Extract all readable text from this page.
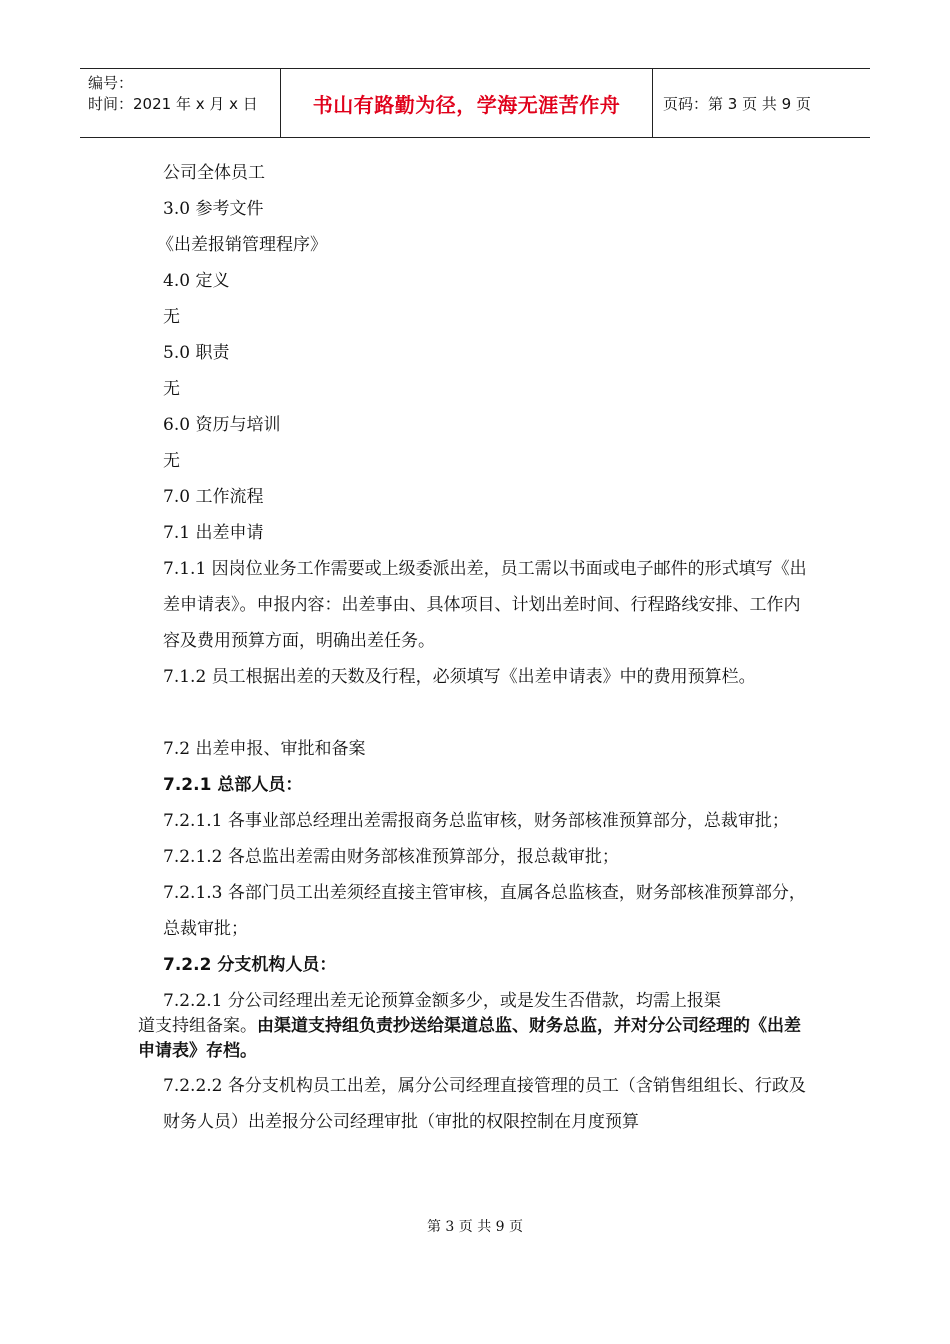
编号：
时间：2021 年 x 月 x 日	书山有路勤为径，学海无涯苦作舟	页码：第 3 页 共 9 页

公司全体员工

3.0 参考文件

《出差报销管理程序》

4.0 定义

无

5.0 职责

无

6.0 资历与培训

无

7.0 工作流程

7.1 出差申请

7.1.1 因岗位业务工作需要或上级委派出差，员工需以书面或电子邮件的形式填写《出差申请表》。申报内容：出差事由、具体项目、计划出差时间、行程路线安排、工作内容及费用预算方面，明确出差任务。

7.1.2 员工根据出差的天数及行程，必须填写《出差申请表》中的费用预算栏。

7.2 出差申报、审批和备案

7.2.1 总部人员：

7.2.1.1 各事业部总经理出差需报商务总监审核，财务部核准预算部分，总裁审批；

7.2.1.2 各总监出差需由财务部核准预算部分，报总裁审批；

7.2.1.3 各部门员工出差须经直接主管审核，直属各总监核查，财务部核准预算部分，总裁审批；

7.2.2 分支机构人员：

7.2.2.1 分公司经理出差无论预算金额多少，或是发生否借款，均需上报渠
道支持组备案。由渠道支持组负责抄送给渠道总监、财务总监，并对分公司经理的《出差申请表》存档。

7.2.2.2 各分支机构员工出差，属分公司经理直接管理的员工（含销售组组长、行政及财务人员）出差报分公司经理审批（审批的权限控制在月度预算

第 3 页 共 9 页
